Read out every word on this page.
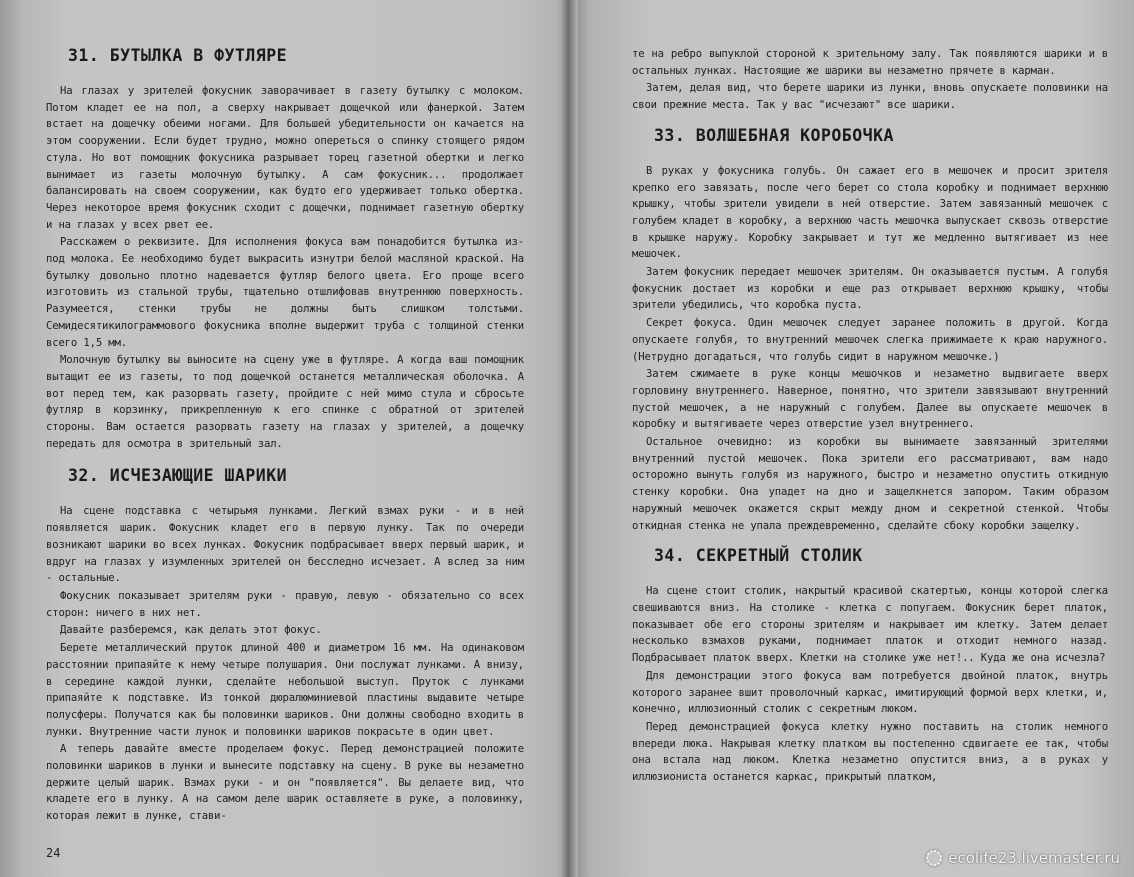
31. БУТЫЛКА В ФУТЛЯРЕ

На глазах у зрителей фокусник заворачивает в газету бутылку с молоком. Потом кладет ее на пол, а сверху накрывает дощечкой или фанеркой. Затем встает на дощечку обеими ногами. Для большей убедительности он качается на этом сооружении. Если будет трудно, можно опереться о спинку стоящего рядом стула. Но вот помощник фокусника разрывает торец газетной обертки и легко вынимает из газеты молочную бутылку. А сам фокусник... продолжает балансировать на своем сооружении, как будто его удерживает только обертка. Через некоторое время фокусник сходит с дощечки, поднимает газетную обертку и на глазах у всех рвет ее.

Расскажем о реквизите. Для исполнения фокуса вам понадобится бутылка из-под молока. Ее необходимо будет выкрасить изнутри белой масляной краской. На бутылку довольно плотно надевается футляр белого цвета. Его проще всего изготовить из стальной трубы, тщательно отшлифовав внутреннюю поверхность. Разумеется, стенки трубы не должны быть слишком толстыми. Семидесятикилограммового фокусника вполне выдержит труба с толщиной стенки всего 1,5 мм.

Молочную бутылку вы выносите на сцену уже в футляре. А когда ваш помощник вытащит ее из газеты, то под дощечкой останется металлическая оболочка. А вот перед тем, как разорвать газету, пройдите с ней мимо стула и сбросьте футляр в корзинку, прикрепленную к его спинке с обратной от зрителей стороны. Вам остается разорвать газету на глазах у зрителей, а дощечку передать для осмотра в зрительный зал.

32. ИСЧЕЗАЮЩИЕ ШАРИКИ

На сцене подставка с четырьмя лунками. Легкий взмах руки - и в ней появляется шарик. Фокусник кладет его в первую лунку. Так по очереди возникают шарики во всех лунках. Фокусник подбрасывает вверх первый шарик, и вдруг на глазах у изумленных зрителей он бесследно исчезает. А вслед за ним - остальные.

Фокусник показывает зрителям руки - правую, левую - обязательно со всех сторон: ничего в них нет.

Давайте разберемся, как делать этот фокус.

Берете металлический пруток длиной 400 и диаметром 16 мм. На одинаковом расстоянии припаяйте к нему четыре полушария. Они послужат лунками. А внизу, в середине каждой лунки, сделайте небольшой выступ. Пруток с лунками припаяйте к подставке. Из тонкой дюралюминиевой пластины выдавите четыре полусферы. Получатся как бы половинки шариков. Они должны свободно входить в лунки. Внутренние части лунок и половинки шариков покрасьте в один цвет.

А теперь давайте вместе проделаем фокус. Перед демонстрацией положите половинки шариков в лунки и вынесите подставку на сцену. В руке вы незаметно держите целый шарик. Взмах руки - и он "появляется". Вы делаете вид, что кладете его в лунку. А на самом деле шарик оставляете в руке, а половинку, которая лежит в лунке, стави-

24

те на ребро выпуклой стороной к зрительному залу. Так появляются шарики и в остальных лунках. Настоящие же шарики вы незаметно прячете в карман.

Затем, делая вид, что берете шарики из лунки, вновь опускаете половинки на свои прежние места. Так у вас "исчезают" все шарики.

33. ВОЛШЕБНАЯ КОРОБОЧКА

В руках у фокусника голубь. Он сажает его в мешочек и просит зрителя крепко его завязать, после чего берет со стола коробку и поднимает верхнюю крышку, чтобы зрители увидели в ней отверстие. Затем завязанный мешочек с голубем кладет в коробку, а верхнюю часть мешочка выпускает сквозь отверстие в крышке наружу. Коробку закрывает и тут же медленно вытягивает из нее мешочек.

Затем фокусник передает мешочек зрителям. Он оказывается пустым. А голубя фокусник достает из коробки и еще раз открывает верхнюю крышку, чтобы зрители убедились, что коробка пуста.

Секрет фокуса. Один мешочек следует заранее положить в другой. Когда опускаете голубя, то внутренний мешочек слегка прижимаете к краю наружного. (Нетрудно догадаться, что голубь сидит в наружном мешочке.)

Затем сжимаете в руке концы мешочков и незаметно выдвигаете вверх горловину внутреннего. Наверное, понятно, что зрители завязывают внутренний пустой мешочек, а не наружный с голубем. Далее вы опускаете мешочек в коробку и вытягиваете через отверстие узел внутреннего.

Остальное очевидно: из коробки вы вынимаете завязанный зрителями внутренний пустой мешочек. Пока зрители его рассматривают, вам надо осторожно вынуть голубя из наружного, быстро и незаметно опустить откидную стенку коробки. Она упадет на дно и защелкнется запором. Таким образом наружный мешочек окажется скрыт между дном и секретной стенкой. Чтобы откидная стенка не упала преждевременно, сделайте сбоку коробки защелку.

34. СЕКРЕТНЫЙ СТОЛИК

На сцене стоит столик, накрытый красивой скатертью, концы которой слегка свешиваются вниз. На столике - клетка с попугаем. Фокусник берет платок, показывает обе его стороны зрителям и накрывает им клетку. Затем делает несколько взмахов руками, поднимает платок и отходит немного назад. Подбрасывает платок вверх. Клетки на столике уже нет!.. Куда же она исчезла?

Для демонстрации этого фокуса вам потребуется двойной платок, внутрь которого заранее вшит проволочный каркас, имитирующий формой верх клетки, и, конечно, иллюзионный столик с секретным люком.

Перед демонстрацией фокуса клетку нужно поставить на столик немного впереди люка. Накрывая клетку платком вы постепенно сдвигаете ее так, чтобы она встала над люком. Клетка незаметно опустится вниз, а в руках у иллюзиониста останется каркас, прикрытый платком,

ecolife23.livemaster.ru
